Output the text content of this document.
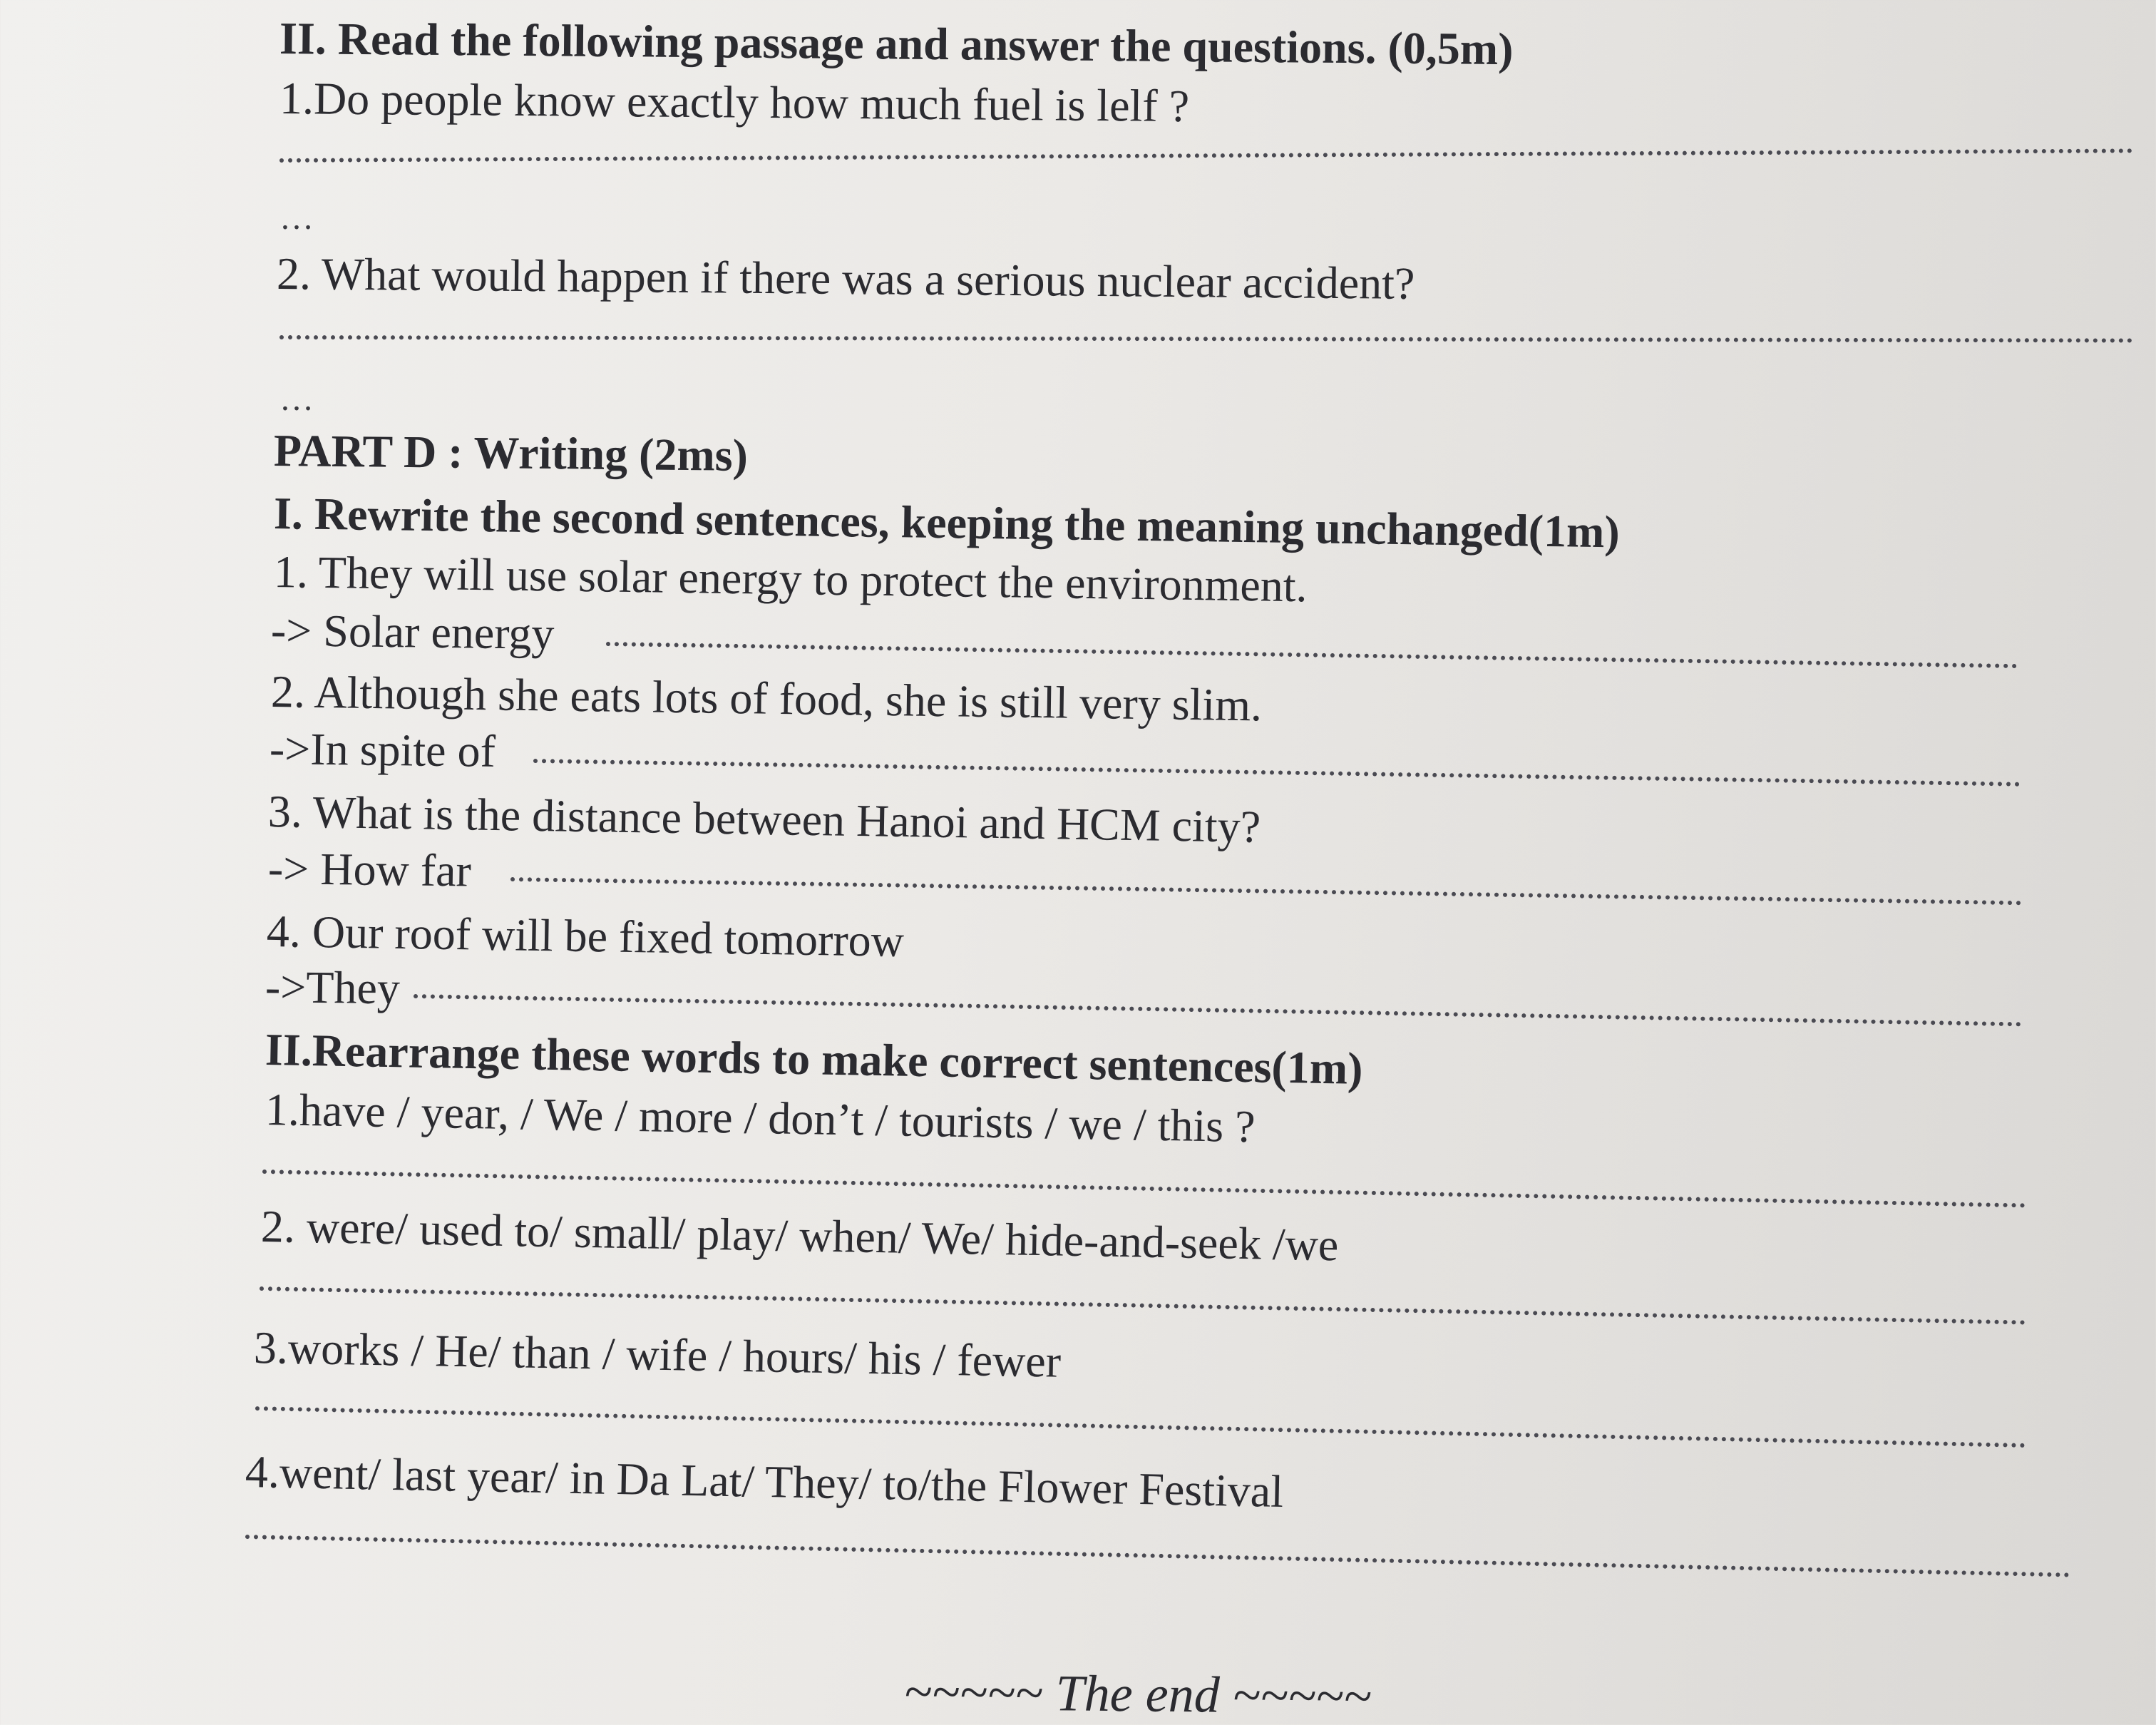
II. Read the following passage and answer the questions. (0,5m)
1.Do people know exactly how much fuel is lelf ?
…
2. What would happen if there was a serious nuclear accident?
…
PART D : Writing (2ms)
I. Rewrite the second sentences, keeping the meaning unchanged(1m)
1. They will use solar energy to protect the environment.
-> Solar energy
2. Although she eats lots of food, she is still very slim.
->In spite of
3. What is the distance between Hanoi and HCM city?
-> How far
4. Our roof will be fixed tomorrow
->They
II.Rearrange these words to make correct sentences(1m)
1.have / year, / We / more / don’t / tourists / we / this ?
2. were/ used to/ small/ play/ when/ We/ hide-and-seek /we
3.works / He/ than / wife / hours/ his / fewer
4.went/ last year/ in Da Lat/ They/ to/the Flower Festival
~~~~~ The end ~~~~~
